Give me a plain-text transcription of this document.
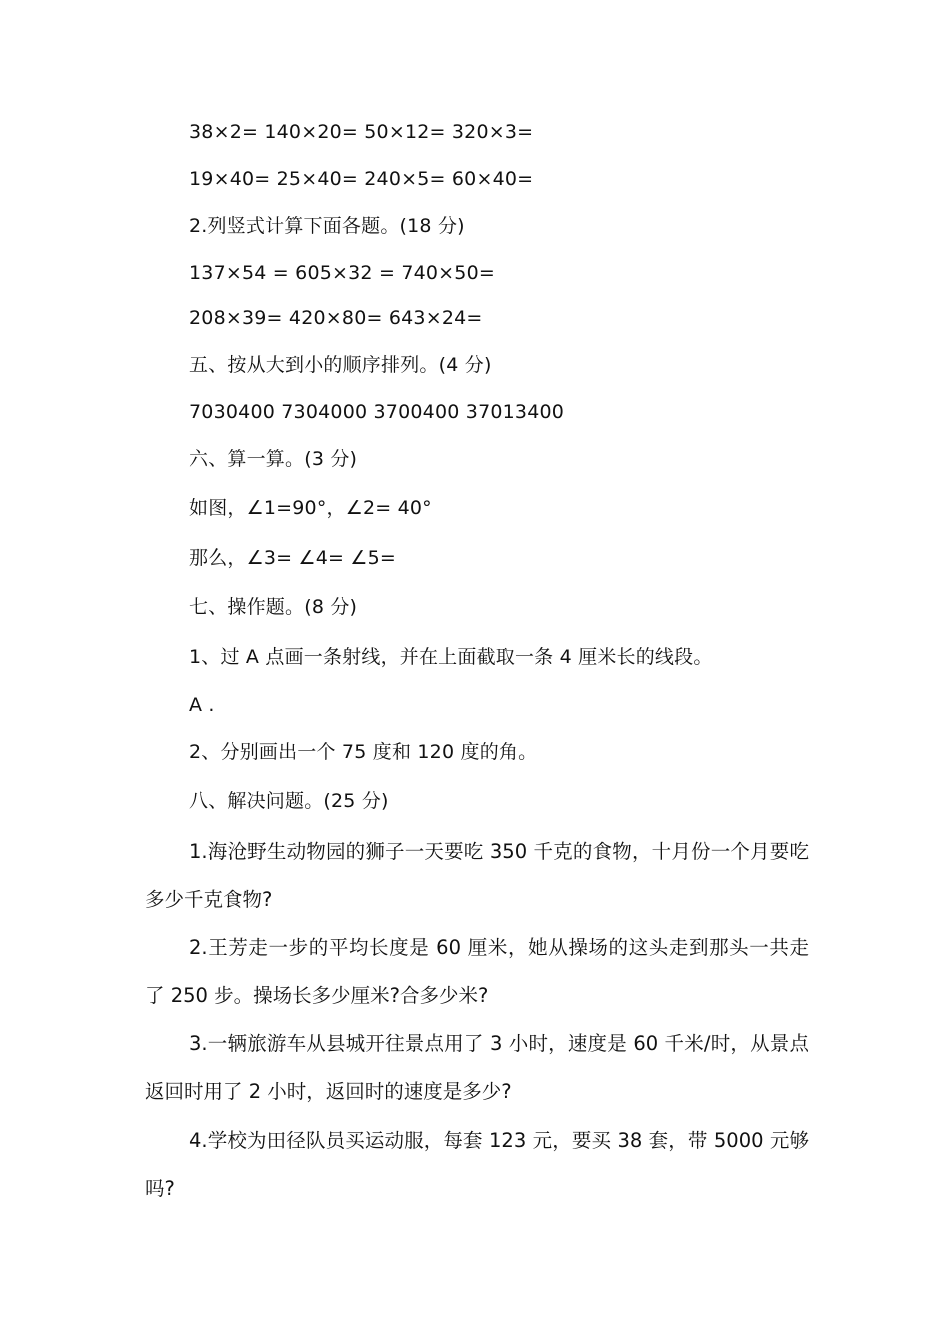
38×2= 140×20= 50×12= 320×3=
19×40= 25×40= 240×5= 60×40=
2.列竖式计算下面各题。(18 分)
137×54 = 605×32 = 740×50=
208×39= 420×80= 643×24=
五、按从大到小的顺序排列。(4 分)
7030400 7304000 3700400 37013400
六、算一算。(3 分)
如图，∠1=90°，∠2= 40°
那么，∠3= ∠4= ∠5=
七、操作题。(8 分)
1、过 A 点画一条射线，并在上面截取一条 4 厘米长的线段。
A .
2、分别画出一个 75 度和 120 度的角。
八、解决问题。(25 分)
1.海沧野生动物园的狮子一天要吃 350 千克的食物，十月份一个月要吃多少千克食物?
2.王芳走一步的平均长度是 60 厘米，她从操场的这头走到那头一共走了 250 步。操场长多少厘米?合多少米?
3.一辆旅游车从县城开往景点用了 3 小时，速度是 60 千米/时，从景点返回时用了 2 小时，返回时的速度是多少?
4.学校为田径队员买运动服，每套 123 元，要买 38 套，带 5000 元够吗?
